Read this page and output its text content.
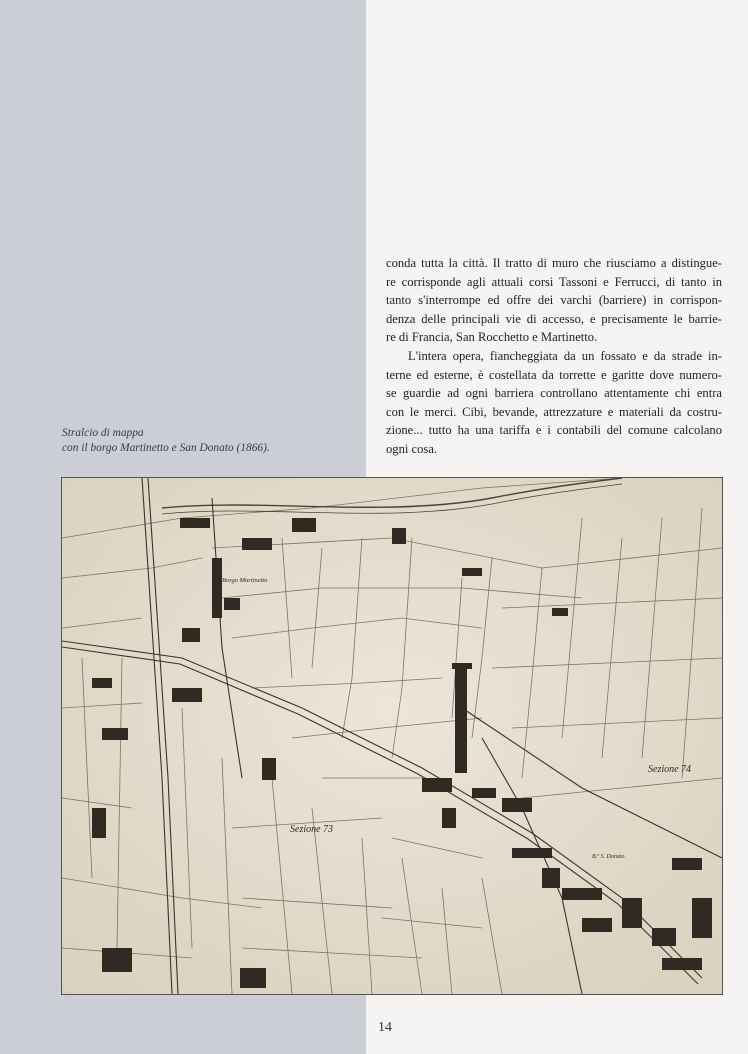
Stralcio di mappa
con il borgo Martinetto e San Donato (1866).
conda tutta la città. Il tratto di muro che riusciamo a distingue-
re corrisponde agli attuali corsi Tassoni e Ferrucci, di tanto in
tanto s'interrompe ed offre dei varchi (barriere) in corrispon-
denza delle principali vie di accesso, e precisamente le barrie-
re di Francia, San Rocchetto e Martinetto.
L'intera opera, fiancheggiata da un fossato e da strade in-
terne ed esterne, è costellata da torrette e garitte dove numero-
se guardie ad ogni barriera controllano attentamente chi entra
con le merci. Cibi, bevande, attrezzature e materiali da costru-
zione... tutto ha una tariffa e i contabili del comune calcolano
ogni cosa.
Borgo Martinetto
Sezione 73
Sezione 74
B.º S. Donato
14
